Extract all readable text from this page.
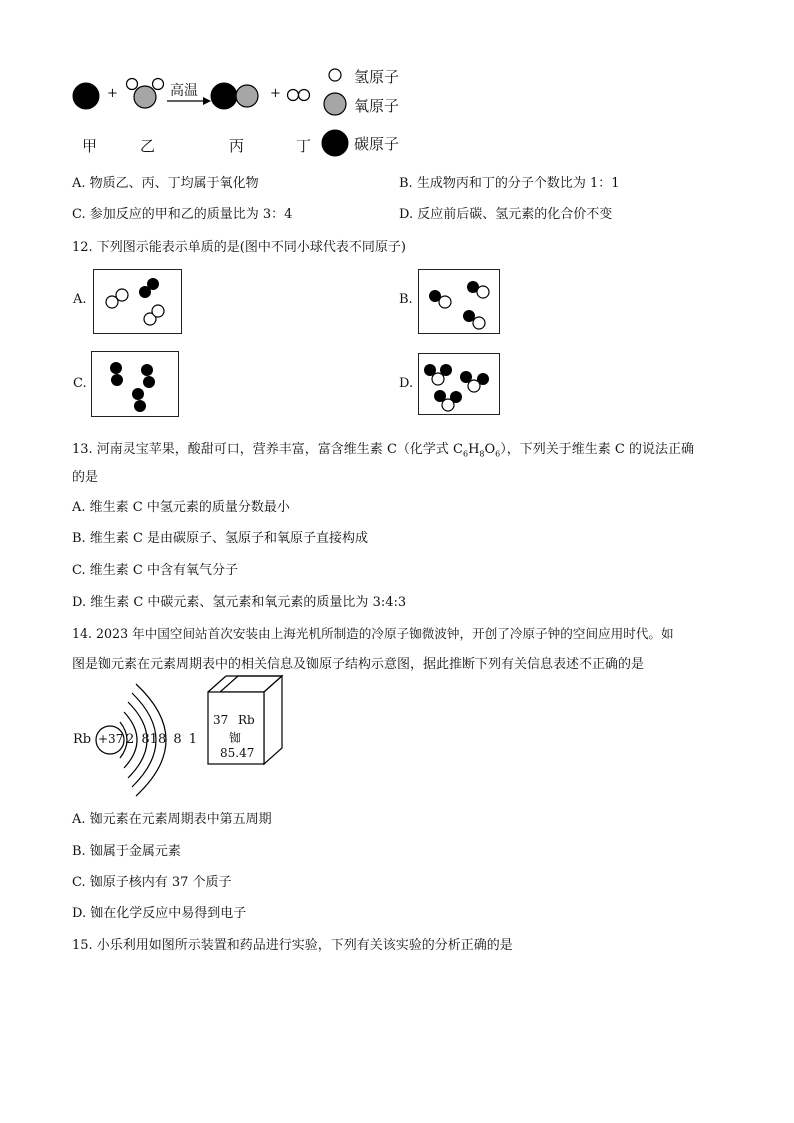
+	高温	+
甲	乙	丙	丁
氢原子
氧原子
碳原子
A. 物质乙、丙、丁均属于氧化物	B. 生成物丙和丁的分子个数比为 1：1
C. 参加反应的甲和乙的质量比为 3：4	D. 反应前后碳、氢元素的化合价不变
12. 下列图示能表示单质的是(图中不同小球代表不同原子)
A.	B.
C.	D.
13. 河南灵宝苹果，酸甜可口，营养丰富，富含维生素 C（化学式 $C_6H_8O_6$），下列关于维生素 C 的说法正确
的是
A. 维生素 C 中氢元素的质量分数最小
B. 维生素 C 是由碳原子、氢原子和氧原子直接构成
C. 维生素 C 中含有氧气分子
D. 维生素 C 中碳元素、氢元素和氧元素的质量比为 3:4:3
14. 2023 年中国空间站首次安装由上海光机所制造的冷原子铷微波钟，开创了冷原子钟的空间应用时代。如
图是铷元素在元素周期表中的相关信息及铷原子结构示意图，据此推断下列有关信息表述不正确的是
Rb +37 2 818 8 1
37 Rb
铷
85.47
A. 铷元素在元素周期表中第五周期
B. 铷属于金属元素
C. 铷原子核内有 37 个质子
D. 铷在化学反应中易得到电子
15. 小乐利用如图所示装置和药品进行实验，下列有关该实验的分析正确的是
